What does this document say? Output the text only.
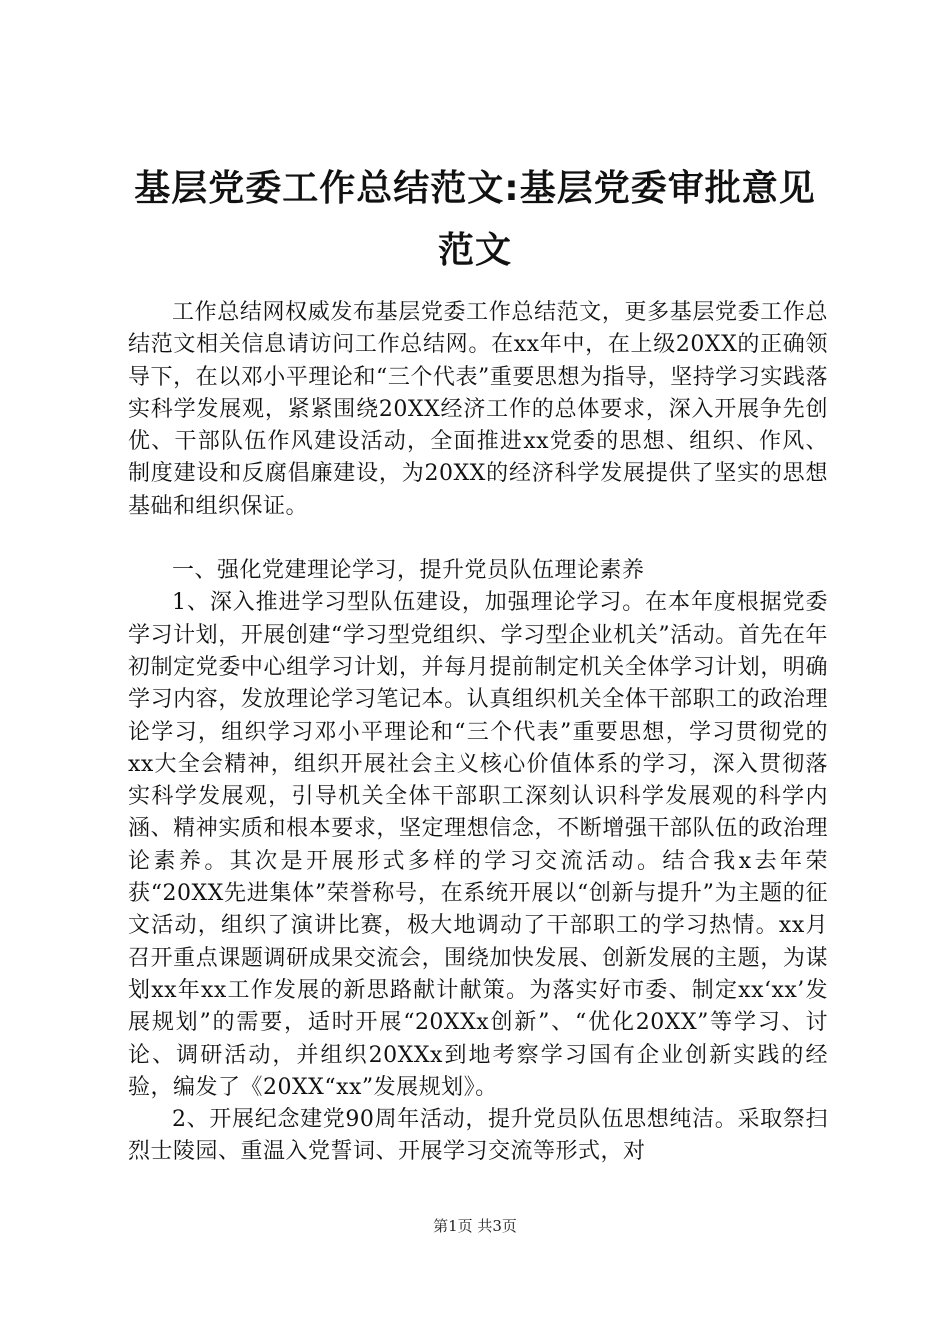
基层党委工作总结范文:基层党委审批意见范文

工作总结网权威发布基层党委工作总结范文，更多基层党委工作总结范文相关信息请访问工作总结网。在xx年中，在上级20XX的正确领导下，在以邓小平理论和“三个代表”重要思想为指导，坚持学习实践落实科学发展观，紧紧围绕20XX经济工作的总体要求，深入开展争先创优、干部队伍作风建设活动，全面推进xx党委的思想、组织、作风、制度建设和反腐倡廉建设，为20XX的经济科学发展提供了坚实的思想基础和组织保证。

一、强化党建理论学习，提升党员队伍理论素养

1、深入推进学习型队伍建设，加强理论学习。在本年度根据党委学习计划，开展创建“学习型党组织、学习型企业机关”活动。首先在年初制定党委中心组学习计划，并每月提前制定机关全体学习计划，明确学习内容，发放理论学习笔记本。认真组织机关全体干部职工的政治理论学习，组织学习邓小平理论和“三个代表”重要思想，学习贯彻党的xx大全会精神，组织开展社会主义核心价值体系的学习，深入贯彻落实科学发展观，引导机关全体干部职工深刻认识科学发展观的科学内涵、精神实质和根本要求，坚定理想信念，不断增强干部队伍的政治理论素养。其次是开展形式多样的学习交流活动。结合我x去年荣获“20XX先进集体”荣誉称号，在系统开展以“创新与提升”为主题的征文活动，组织了演讲比赛，极大地调动了干部职工的学习热情。xx月召开重点课题调研成果交流会，围绕加快发展、创新发展的主题，为谋划xx年xx工作发展的新思路献计献策。为落实好市委、制定xx‘xx’发展规划”的需要，适时开展“20XXx创新”、“优化20XX”等学习、讨论、调研活动，并组织20XXx到地考察学习国有企业创新实践的经验，编发了《20XX“xx”发展规划》。

2、开展纪念建党90周年活动，提升党员队伍思想纯洁。采取祭扫烈士陵园、重温入党誓词、开展学习交流等形式，对

第1页 共3页
